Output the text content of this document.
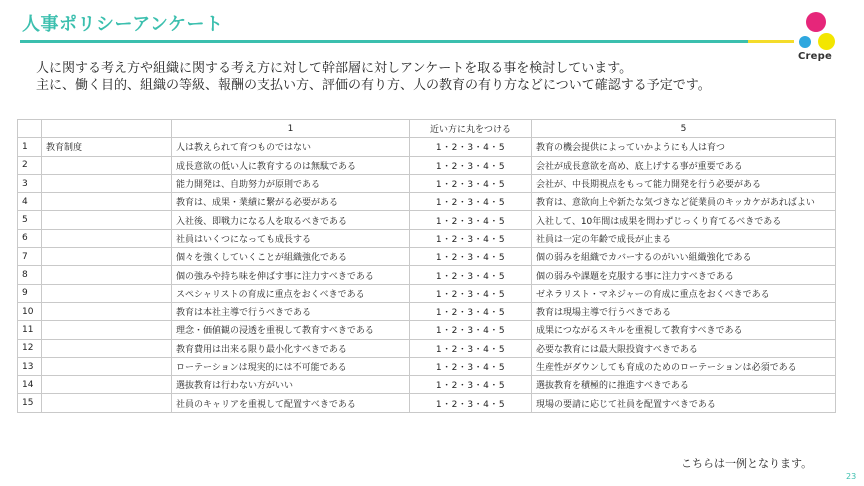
人事ポリシーアンケート
Crepe
人に関する考え方や組織に関する考え方に対して幹部層に対しアンケートを取る事を検討しています。
主に、働く目的、組織の等級、報酬の支払い方、評価の有り方、人の教育の有り方などについて確認する予定です。
		1	近い方に丸をつける	5
1	教育制度	人は教えられて育つものではない	1・2・3・4・5	教育の機会提供によっていかようにも人は育つ
2		成長意欲の低い人に教育するのは無駄である	1・2・3・4・5	会社が成長意欲を高め、底上げする事が重要である
3		能力開発は、自助努力が原則である	1・2・3・4・5	会社が、中長期視点をもって能力開発を行う必要がある
4		教育は、成果・業績に繋がる必要がある	1・2・3・4・5	教育は、意欲向上や新たな気づきなど従業員のキッカケがあればよい
5		入社後、即戦力になる人を取るべきである	1・2・3・4・5	入社して、10年間は成果を問わずじっくり育てるべきである
6		社員はいくつになっても成長する	1・2・3・4・5	社員は一定の年齢で成長が止まる
7		個々を強くしていくことが組織強化である	1・2・3・4・5	個の弱みを組織でカバーするのがいい組織強化である
8		個の強みや持ち味を伸ばす事に注力すべきである	1・2・3・4・5	個の弱みや課題を克服する事に注力すべきである
9		スペシャリストの育成に重点をおくべきである	1・2・3・4・5	ゼネラリスト・マネジャーの育成に重点をおくべきである
10		教育は本社主導で行うべきである	1・2・3・4・5	教育は現場主導で行うべきである
11		理念・価値観の浸透を重視して教育すべきである	1・2・3・4・5	成果につながるスキルを重視して教育すべきである
12		教育費用は出来る限り最小化すべきである	1・2・3・4・5	必要な教育には最大限投資すべきである
13		ローテーションは現実的には不可能である	1・2・3・4・5	生産性がダウンしても育成のためのローテーションは必須である
14		選抜教育は行わない方がいい	1・2・3・4・5	選抜教育を積極的に推進すべきである
15		社員のキャリアを重視して配置すべきである	1・2・3・4・5	現場の要請に応じて社員を配置すべきである
こちらは一例となります。
23
